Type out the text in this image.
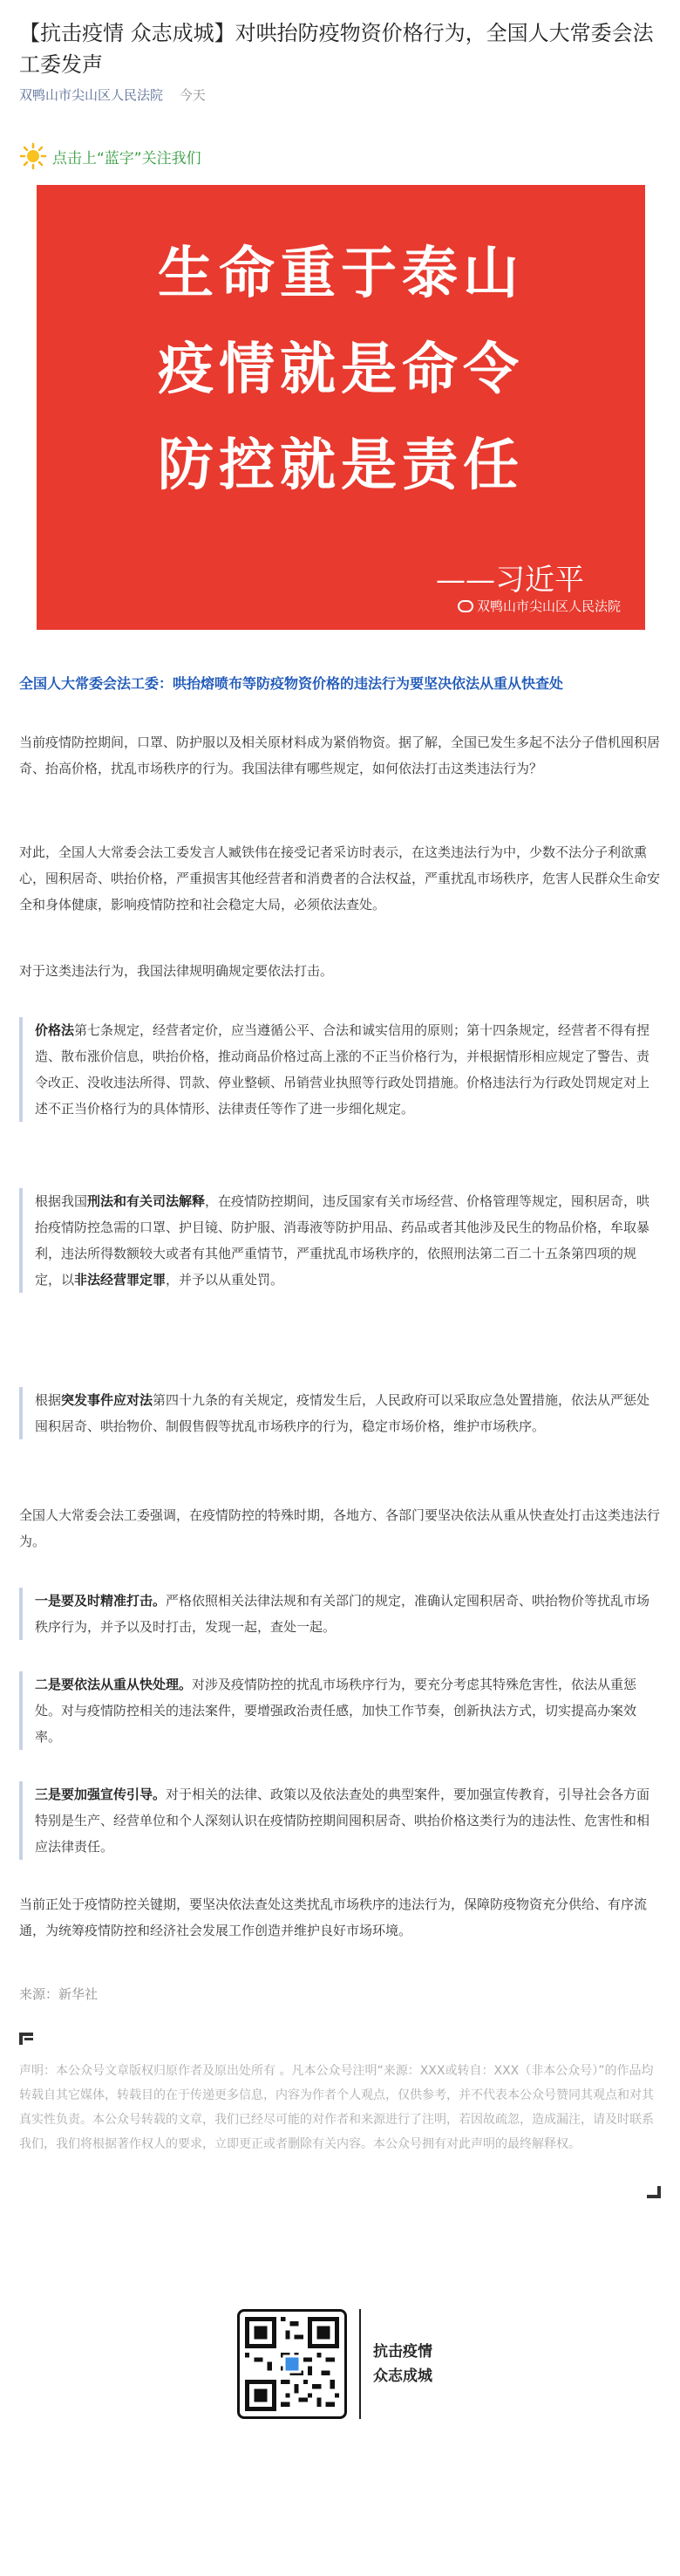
【抗击疫情 众志成城】对哄抬防疫物资价格行为，全国人大常委会法工委发声
双鸭山市尖山区人民法院 今天
点击上“蓝字”关注我们
生命重于泰山
疫情就是命令
防控就是责任
——习近平
双鸭山市尖山区人民法院

全国人大常委会法工委：哄抬熔喷布等防疫物资价格的违法行为要坚决依法从重从快查处

当前疫情防控期间，口罩、防护服以及相关原材料成为紧俏物资。据了解，全国已发生多起不法分子借机囤积居奇、抬高价格，扰乱市场秩序的行为。我国法律有哪些规定，如何依法打击这类违法行为？

对此，全国人大常委会法工委发言人臧铁伟在接受记者采访时表示，在这类违法行为中，少数不法分子利欲熏心，囤积居奇、哄抬价格，严重损害其他经营者和消费者的合法权益，严重扰乱市场秩序，危害人民群众生命安全和身体健康，影响疫情防控和社会稳定大局，必须依法查处。

对于这类违法行为，我国法律规明确规定要依法打击。

价格法第七条规定，经营者定价，应当遵循公平、合法和诚实信用的原则；第十四条规定，经营者不得有捏造、散布涨价信息，哄抬价格，推动商品价格过高上涨的不正当价格行为，并根据情形相应规定了警告、责令改正、没收违法所得、罚款、停业整顿、吊销营业执照等行政处罚措施。价格违法行为行政处罚规定对上述不正当价格行为的具体情形、法律责任等作了进一步细化规定。
根据我国刑法和有关司法解释，在疫情防控期间，违反国家有关市场经营、价格管理等规定，囤积居奇，哄抬疫情防控急需的口罩、护目镜、防护服、消毒液等防护用品、药品或者其他涉及民生的物品价格，牟取暴利，违法所得数额较大或者有其他严重情节，严重扰乱市场秩序的，依照刑法第二百二十五条第四项的规定，以非法经营罪定罪，并予以从重处罚。
根据突发事件应对法第四十九条的有关规定，疫情发生后，人民政府可以采取应急处置措施，依法从严惩处囤积居奇、哄抬物价、制假售假等扰乱市场秩序的行为，稳定市场价格，维护市场秩序。

全国人大常委会法工委强调，在疫情防控的特殊时期，各地方、各部门要坚决依法从重从快查处打击这类违法行为。

一是要及时精准打击。严格依照相关法律法规和有关部门的规定，准确认定囤积居奇、哄抬物价等扰乱市场秩序行为，并予以及时打击，发现一起，查处一起。
二是要依法从重从快处理。对涉及疫情防控的扰乱市场秩序行为，要充分考虑其特殊危害性，依法从重惩处。对与疫情防控相关的违法案件，要增强政治责任感，加快工作节奏，创新执法方式，切实提高办案效率。
三是要加强宣传引导。对于相关的法律、政策以及依法查处的典型案件，要加强宣传教育，引导社会各方面特别是生产、经营单位和个人深刻认识在疫情防控期间囤积居奇、哄抬价格这类行为的违法性、危害性和相应法律责任。

当前正处于疫情防控关键期，要坚决依法查处这类扰乱市场秩序的违法行为，保障防疫物资充分供给、有序流通，为统筹疫情防控和经济社会发展工作创造并维护良好市场环境。

来源：新华社

声明：本公众号文章版权归原作者及原出处所有 。凡本公众号注明“来源：XXX或转自：XXX（非本公众号）”的作品均转载自其它媒体，转载目的在于传递更多信息，内容为作者个人观点，仅供参考，并不代表本公众号赞同其观点和对其真实性负责。本公众号转载的文章，我们已经尽可能的对作者和来源进行了注明，若因故疏忽，造成漏注，请及时联系我们，我们将根据著作权人的要求，立即更正或者删除有关内容。本公众号拥有对此声明的最终解释权。

抗击疫情
众志成城
